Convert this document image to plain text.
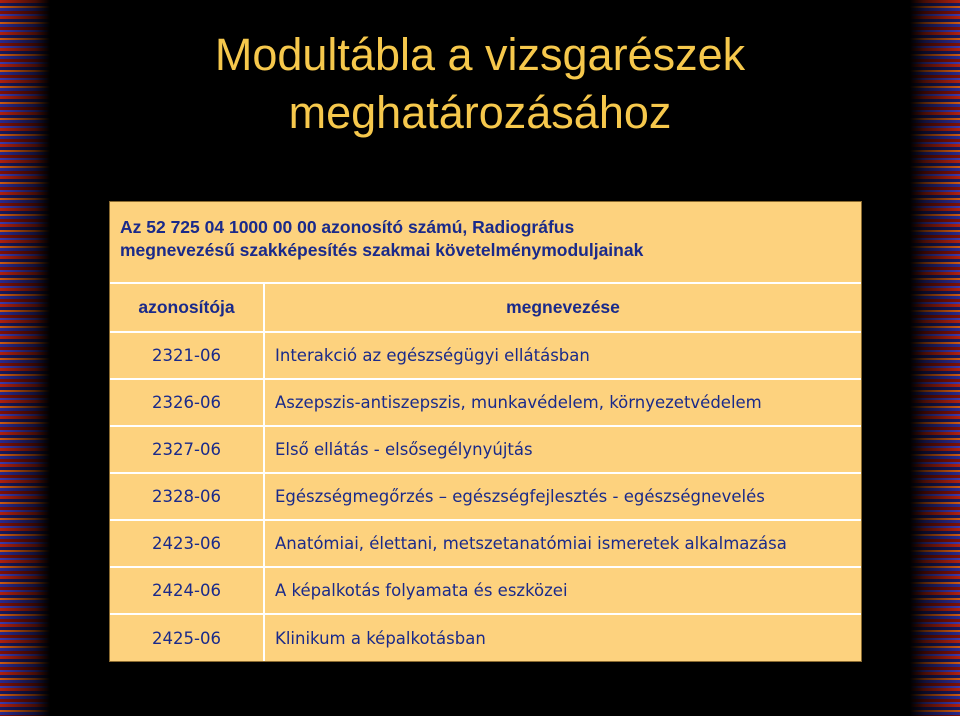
Modultábla a vizsgarészek
meghatározásához
Az 52 725 04 1000 00 00 azonosító számú, Radiográfus
megnevezésű szakképesítés szakmai követelménymoduljainak
azonosítója	megnevezése
2321-06	Interakció az egészségügyi ellátásban
2326-06	Aszepszis-antiszepszis, munkavédelem, környezetvédelem
2327-06	Első ellátás - elsősegélynyújtás
2328-06	Egészségmegőrzés – egészségfejlesztés - egészségnevelés
2423-06	Anatómiai, élettani, metszetanatómiai ismeretek alkalmazása
2424-06	A képalkotás folyamata és eszközei
2425-06	Klinikum a képalkotásban
